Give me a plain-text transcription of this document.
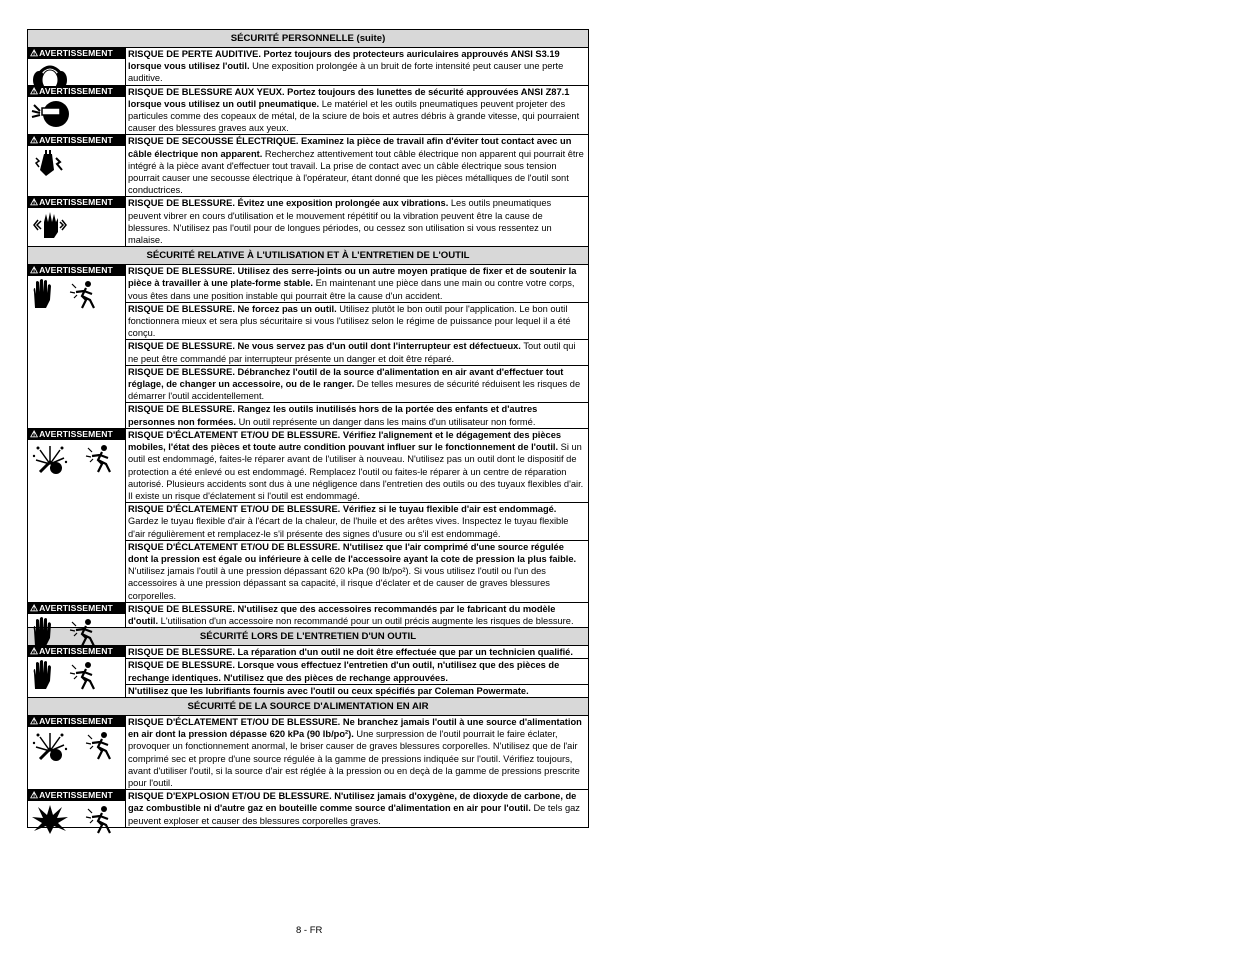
SÉCURITÉ PERSONNELLE (suite)
⚠ AVERTISSEMENT RISQUE DE PERTE AUDITIVE. Portez toujours des protecteurs auriculaires approuvés ANSI S3.19 lorsque vous utilisez l'outil. Une exposition prolongée à un bruit de forte intensité peut causer une perte auditive.
⚠ AVERTISSEMENT RISQUE DE BLESSURE AUX YEUX. Portez toujours des lunettes de sécurité approuvées ANSI Z87.1 lorsque vous utilisez un outil pneumatique. Le matériel et les outils pneumatiques peuvent projeter des particules comme des copeaux de métal, de la sciure de bois et autres débris à grande vitesse, qui pourraient causer des blessures graves aux yeux.
⚠ AVERTISSEMENT RISQUE DE SECOUSSE ÉLECTRIQUE. Examinez la pièce de travail afin d'éviter tout contact avec un câble électrique non apparent. Recherchez attentivement tout câble électrique non apparent qui pourrait être intégré à la pièce avant d'effectuer tout travail. La prise de contact avec un câble électrique sous tension pourrait causer une secousse électrique à l'opérateur, étant donné que les pièces métalliques de l'outil sont conductrices.
⚠ AVERTISSEMENT RISQUE DE BLESSURE. Évitez une exposition prolongée aux vibrations. Les outils pneumatiques peuvent vibrer en cours d'utilisation et le mouvement répétitif ou la vibration peuvent être la cause de blessures. N'utilisez pas l'outil pour de longues périodes, ou cessez son utilisation si vous ressentez un malaise.
SÉCURITÉ RELATIVE À L'UTILISATION ET À L'ENTRETIEN DE L'OUTIL
⚠ AVERTISSEMENT RISQUE DE BLESSURE. Utilisez des serre-joints ou un autre moyen pratique de fixer et de soutenir la pièce à travailler à une plate-forme stable. En maintenant une pièce dans une main ou contre votre corps, vous êtes dans une position instable qui pourrait être la cause d'un accident.
RISQUE DE BLESSURE. Ne forcez pas un outil. Utilisez plutôt le bon outil pour l'application. Le bon outil fonctionnera mieux et sera plus sécuritaire si vous l'utilisez selon le régime de puissance pour lequel il a été conçu.
RISQUE DE BLESSURE. Ne vous servez pas d'un outil dont l'interrupteur est défectueux. Tout outil qui ne peut être commandé par interrupteur présente un danger et doit être réparé.
RISQUE DE BLESSURE. Débranchez l'outil de la source d'alimentation en air avant d'effectuer tout réglage, de changer un accessoire, ou de le ranger. De telles mesures de sécurité réduisent les risques de démarrer l'outil accidentellement.
RISQUE DE BLESSURE. Rangez les outils inutilisés hors de la portée des enfants et d'autres personnes non formées. Un outil représente un danger dans les mains d'un utilisateur non formé.
⚠ AVERTISSEMENT RISQUE D'ÉCLATEMENT ET/OU DE BLESSURE. Vérifiez l'alignement et le dégagement des pièces mobiles, l'état des pièces et toute autre condition pouvant influer sur le fonctionnement de l'outil. Si un outil est endommagé, faites-le réparer avant de l'utiliser à nouveau. N'utilisez pas un outil dont le dispositif de protection a été enlevé ou est endommagé. Remplacez l'outil ou faites-le réparer à un centre de réparation autorisé. Plusieurs accidents sont dus à une négligence dans l'entretien des outils ou des tuyaux flexibles d'air. Il existe un risque d'éclatement si l'outil est endommagé.
RISQUE D'ÉCLATEMENT ET/OU DE BLESSURE. Vérifiez si le tuyau flexible d'air est endommagé. Gardez le tuyau flexible d'air à l'écart de la chaleur, de l'huile et des arêtes vives. Inspectez le tuyau flexible d'air régulièrement et remplacez-le s'il présente des signes d'usure ou s'il est endommagé.
RISQUE D'ÉCLATEMENT ET/OU DE BLESSURE. N'utilisez que l'air comprimé d'une source régulée dont la pression est égale ou inférieure à celle de l'accessoire ayant la cote de pression la plus faible. N'utilisez jamais l'outil à une pression dépassant 620 kPa (90 lb/po²). Si vous utilisez l'outil ou l'un des accessoires à une pression dépassant sa capacité, il risque d'éclater et de causer de graves blessures corporelles.
⚠ AVERTISSEMENT RISQUE DE BLESSURE. N'utilisez que des accessoires recommandés par le fabricant du modèle d'outil. L'utilisation d'un accessoire non recommandé pour un outil précis augmente les risques de blessure.
SÉCURITÉ LORS DE L'ENTRETIEN D'UN OUTIL
⚠ AVERTISSEMENT RISQUE DE BLESSURE. La réparation d'un outil ne doit être effectuée que par un technicien qualifié.
RISQUE DE BLESSURE. Lorsque vous effectuez l'entretien d'un outil, n'utilisez que des pièces de rechange identiques. N'utilisez que des pièces de rechange approuvées.
N'utilisez que les lubrifiants fournis avec l'outil ou ceux spécifiés par Coleman Powermate.
SÉCURITÉ DE LA SOURCE D'ALIMENTATION EN AIR
⚠ AVERTISSEMENT RISQUE D'ÉCLATEMENT ET/OU DE BLESSURE. Ne branchez jamais l'outil à une source d'alimentation en air dont la pression dépasse 620 kPa (90 lb/po²). Une surpression de l'outil pourrait le faire éclater, provoquer un fonctionnement anormal, le briser causer de graves blessures corporelles. N'utilisez que de l'air comprimé sec et propre d'une source régulée à la gamme de pressions indiquée sur l'outil. Vérifiez toujours, avant d'utiliser l'outil, si la source d'air est réglée à la pression ou en deçà de la gamme de pressions prescrite pour l'outil.
⚠ AVERTISSEMENT RISQUE D'EXPLOSION ET/OU DE BLESSURE. N'utilisez jamais d'oxygène, de dioxyde de carbone, de gaz combustible ni d'autre gaz en bouteille comme source d'alimentation en air pour l'outil. De tels gaz peuvent exploser et causer des blessures corporelles graves.
8 - FR
